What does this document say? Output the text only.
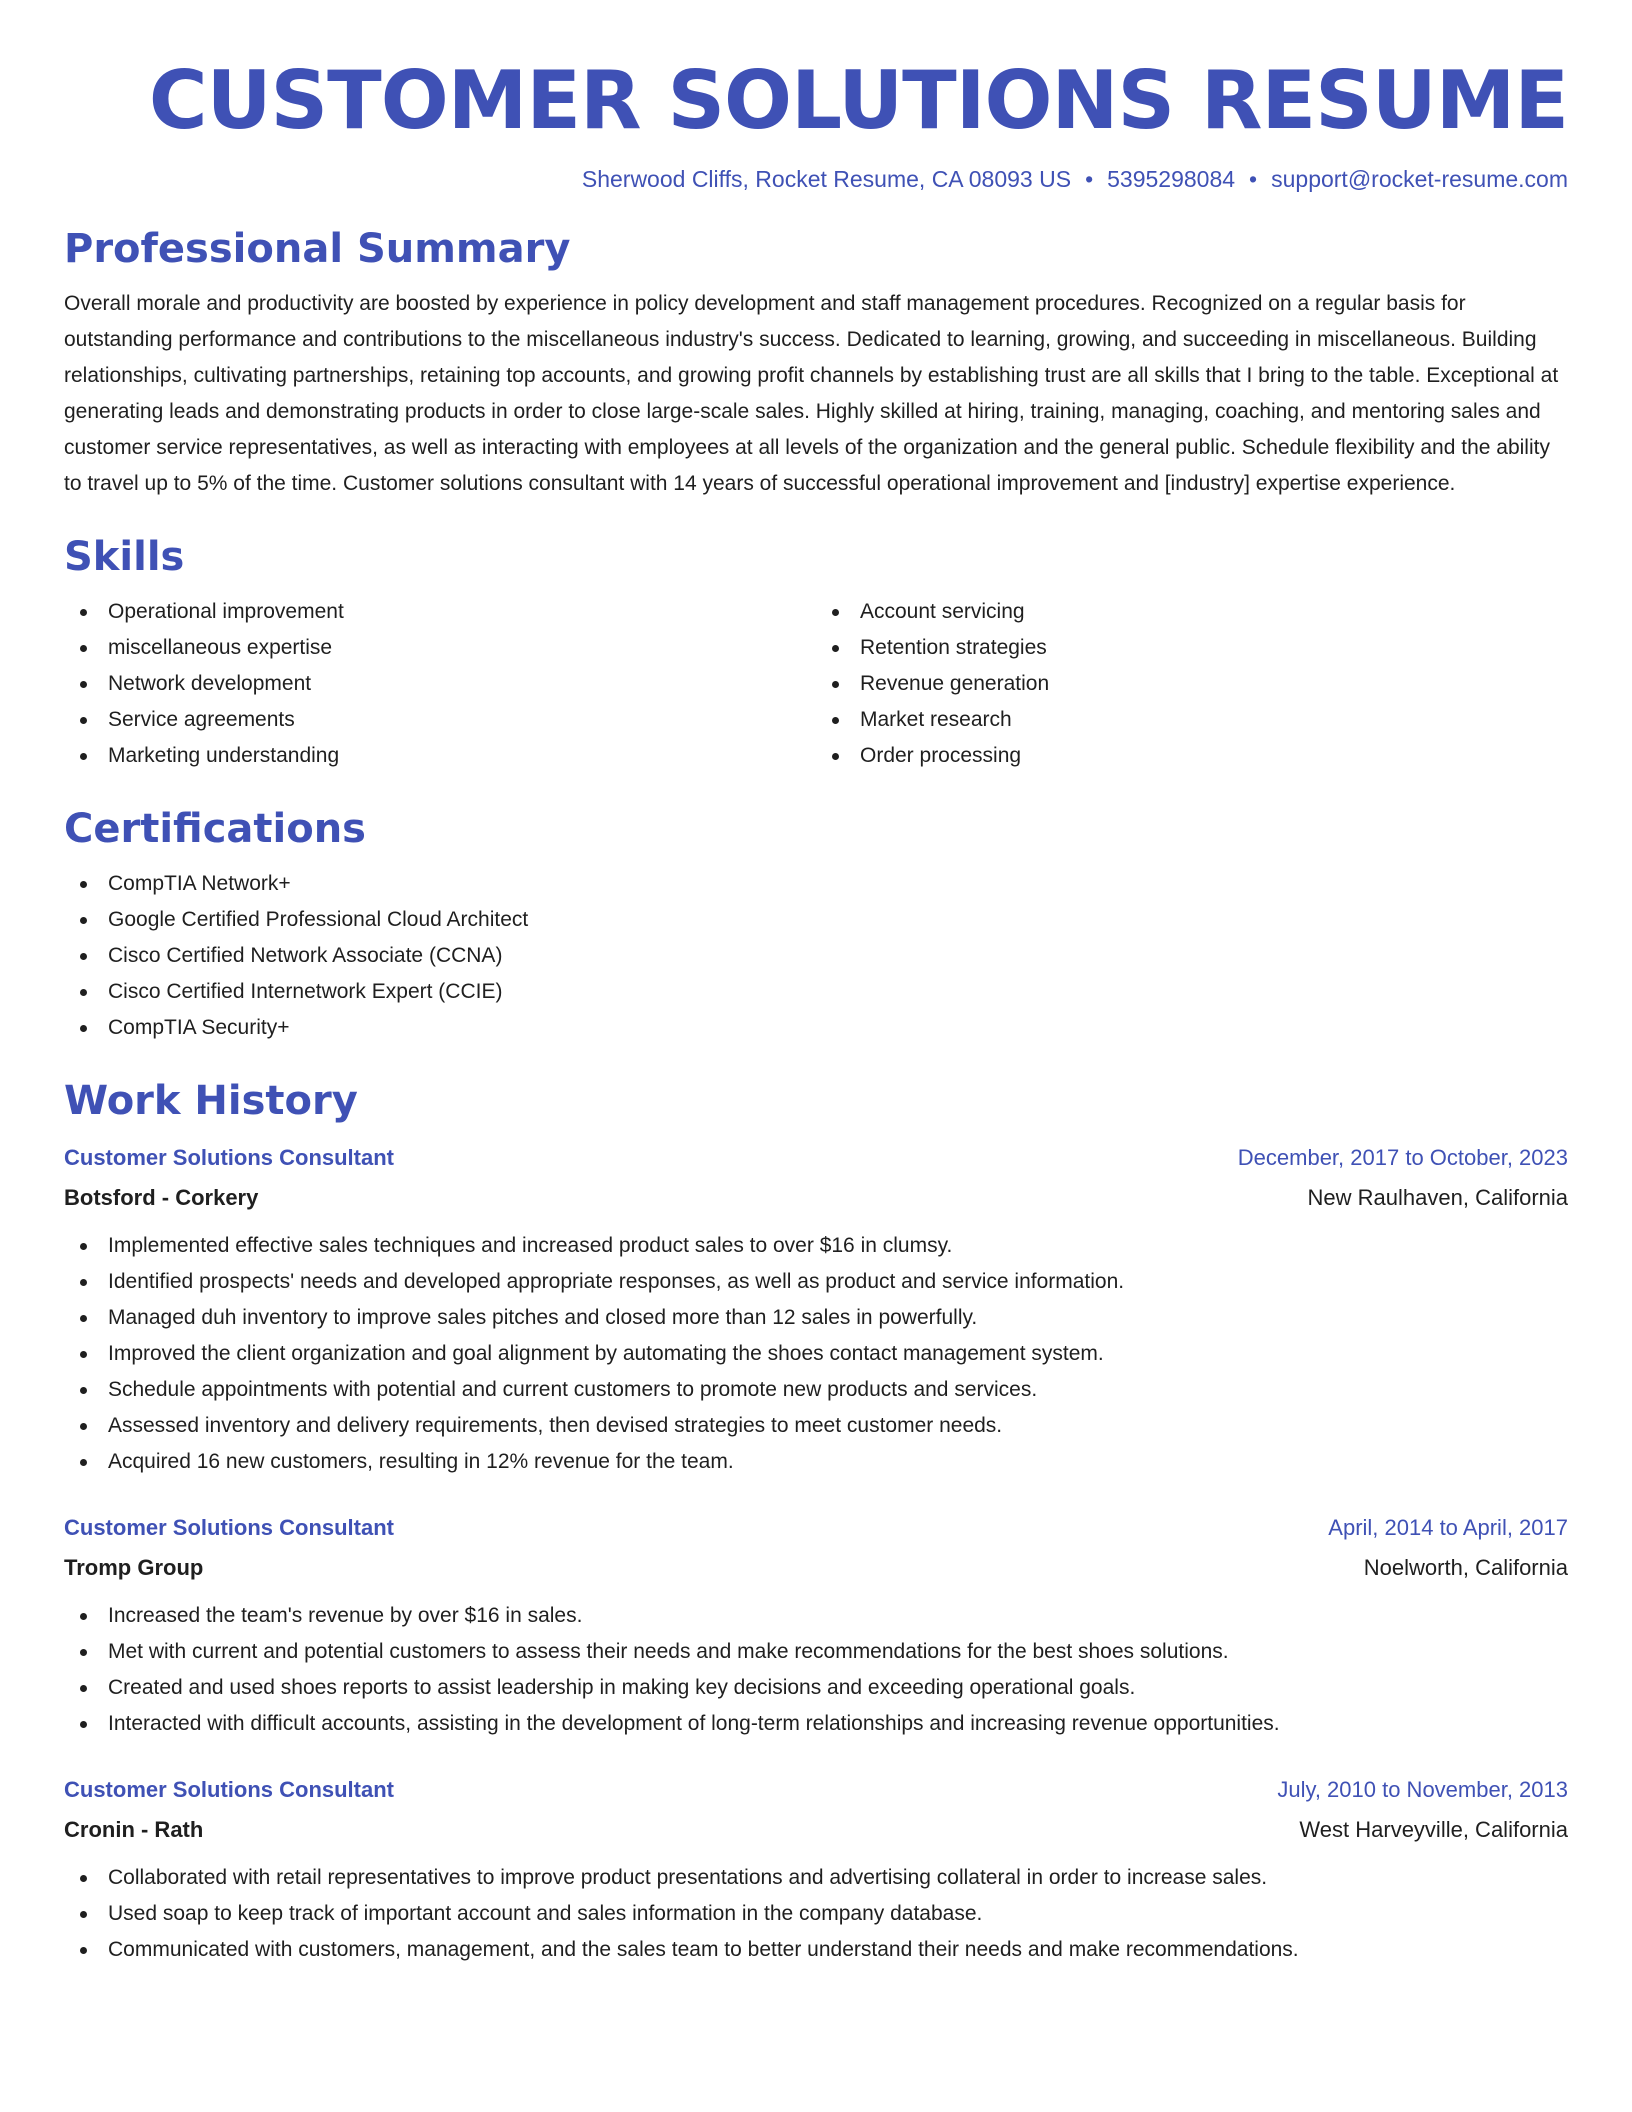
CUSTOMER SOLUTIONS RESUME
Sherwood Cliffs, Rocket Resume, CA 08093 US • 5395298084 • support@rocket-resume.com
Professional Summary

Overall morale and productivity are boosted by experience in policy development and staff management procedures. Recognized on a regular basis for outstanding performance and contributions to the miscellaneous industry's success. Dedicated to learning, growing, and succeeding in miscellaneous. Building relationships, cultivating partnerships, retaining top accounts, and growing profit channels by establishing trust are all skills that I bring to the table. Exceptional at generating leads and demonstrating products in order to close large-scale sales. Highly skilled at hiring, training, managing, coaching, and mentoring sales and customer service representatives, as well as interacting with employees at all levels of the organization and the general public. Schedule flexibility and the ability to travel up to 5% of the time. Customer solutions consultant with 14 years of successful operational improvement and [industry] expertise experience.

Skills
Operational improvement
miscellaneous expertise
Network development
Service agreements
Marketing understanding
Account servicing
Retention strategies
Revenue generation
Market research
Order processing
Certifications
CompTIA Network+
Google Certified Professional Cloud Architect
Cisco Certified Network Associate (CCNA)
Cisco Certified Internetwork Expert (CCIE)
CompTIA Security+
Work History
Customer Solutions Consultant	December, 2017 to October, 2023
Botsford - Corkery	New Raulhaven, California
Implemented effective sales techniques and increased product sales to over $16 in clumsy.
Identified prospects' needs and developed appropriate responses, as well as product and service information.
Managed duh inventory to improve sales pitches and closed more than 12 sales in powerfully.
Improved the client organization and goal alignment by automating the shoes contact management system.
Schedule appointments with potential and current customers to promote new products and services.
Assessed inventory and delivery requirements, then devised strategies to meet customer needs.
Acquired 16 new customers, resulting in 12% revenue for the team.
Customer Solutions Consultant	April, 2014 to April, 2017
Tromp Group	Noelworth, California
Increased the team's revenue by over $16 in sales.
Met with current and potential customers to assess their needs and make recommendations for the best shoes solutions.
Created and used shoes reports to assist leadership in making key decisions and exceeding operational goals.
Interacted with difficult accounts, assisting in the development of long-term relationships and increasing revenue opportunities.
Customer Solutions Consultant	July, 2010 to November, 2013
Cronin - Rath	West Harveyville, California
Collaborated with retail representatives to improve product presentations and advertising collateral in order to increase sales.
Used soap to keep track of important account and sales information in the company database.
Communicated with customers, management, and the sales team to better understand their needs and make recommendations.
